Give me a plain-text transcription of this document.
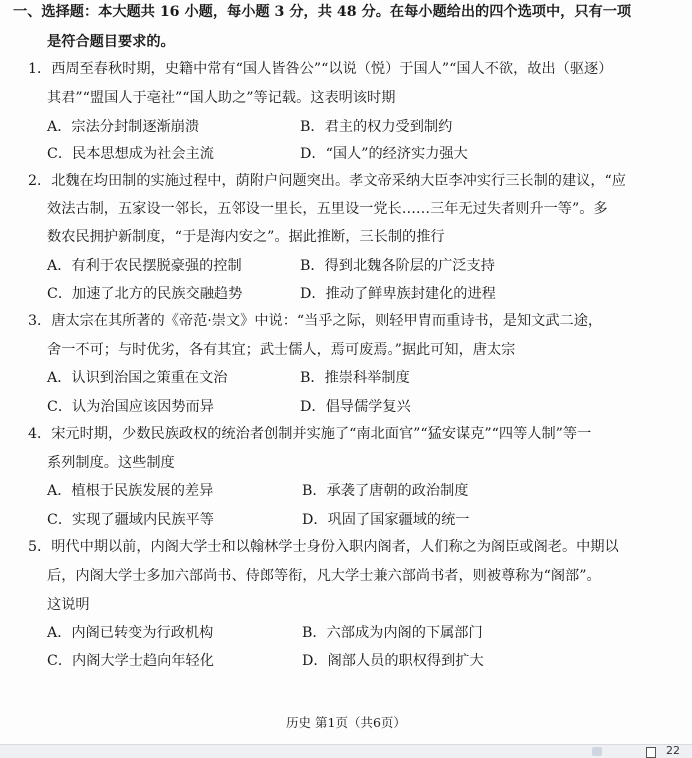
一、选择题：本大题共 16 小题，每小题 3 分，共 48 分。在每小题给出的四个选项中，只有一项
是符合题目要求的。
1．西周至春秋时期，史籍中常有“国人皆咎公”“以说（悦）于国人”“国人不欲，故出（驱逐）
其君”“盟国人于亳社”“国人助之”等记载。这表明该时期
A．宗法分封制逐渐崩溃	B．君主的权力受到制约
C．民本思想成为社会主流	D．“国人”的经济实力强大
2．北魏在均田制的实施过程中，荫附户问题突出。孝文帝采纳大臣李冲实行三长制的建议，“应
效法古制，五家设一邻长，五邻设一里长，五里设一党长……三年无过失者则升一等”。多
数农民拥护新制度，“于是海内安之”。据此推断，三长制的推行
A．有利于农民摆脱豪强的控制	B．得到北魏各阶层的广泛支持
C．加速了北方的民族交融趋势	D．推动了鲜卑族封建化的进程
3．唐太宗在其所著的《帝范·崇文》中说：“当乎之际，则轻甲胄而重诗书，是知文武二途，
舍一不可；与时优劣，各有其宜；武士儒人，焉可废焉。”据此可知，唐太宗
A．认识到治国之策重在文治	B．推崇科举制度
C．认为治国应该因势而异	D．倡导儒学复兴
4．宋元时期，少数民族政权的统治者创制并实施了“南北面官”“猛安谋克”“四等人制”等一
系列制度。这些制度
A．植根于民族发展的差异	B．承袭了唐朝的政治制度
C．实现了疆域内民族平等	D．巩固了国家疆域的统一
5．明代中期以前，内阁大学士和以翰林学士身份入职内阁者，人们称之为阁臣或阁老。中期以
后，内阁大学士多加六部尚书、侍郎等衔，凡大学士兼六部尚书者，则被尊称为“阁部”。
这说明
A．内阁已转变为行政机构	B．六部成为内阁的下属部门
C．内阁大学士趋向年轻化	D．阁部人员的职权得到扩大
历史 第1页（共6页）
22
